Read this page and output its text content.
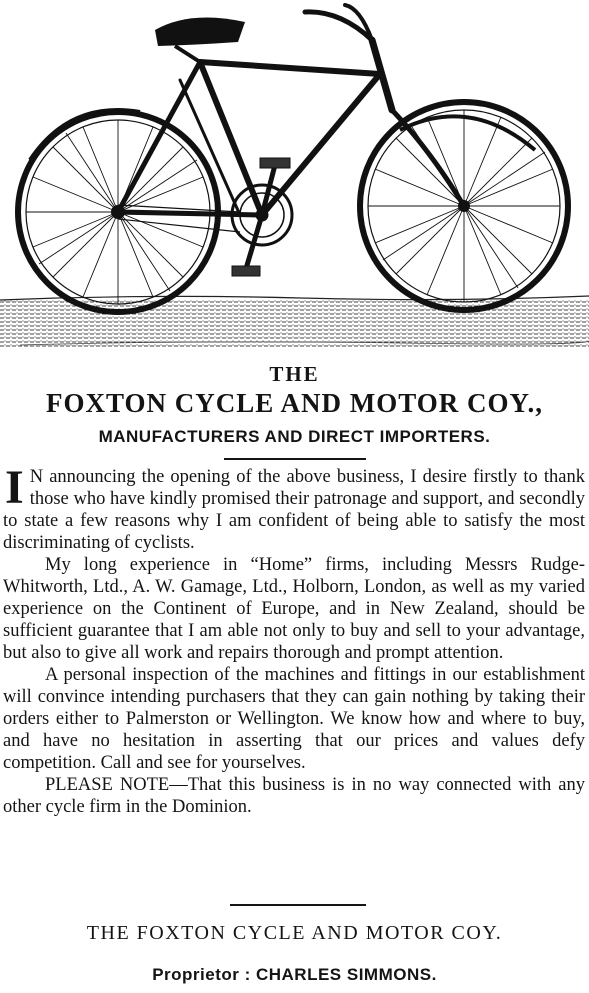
THE
FOXTON CYCLE AND MOTOR COY.,
MANUFACTURERS AND DIRECT IMPORTERS.

I N announcing the opening of the above business, I desire firstly to thank those who have kindly promised their patronage and support, and secondly to state a few reasons why I am confident of being able to satisfy the most discriminating of cyclists.

My long experience in “Home” firms, including Messrs Rudge-Whitworth, Ltd., A. W. Gamage, Ltd., Holborn, London, as well as my varied experience on the Continent of Europe, and in New Zealand, should be sufficient guarantee that I am able not only to buy and sell to your advantage, but also to give all work and repairs thorough and prompt attention.

A personal inspection of the machines and fittings in our establishment will convince intending purchasers that they can gain nothing by taking their orders either to Palmerston or Wellington. We know how and where to buy, and have no hesitation in asserting that our prices and values defy competition. Call and see for yourselves.

PLEASE NOTE—That this business is in no way connected with any other cycle firm in the Dominion.

THE FOXTON CYCLE AND MOTOR COY.
Proprietor : CHARLES SIMMONS.
